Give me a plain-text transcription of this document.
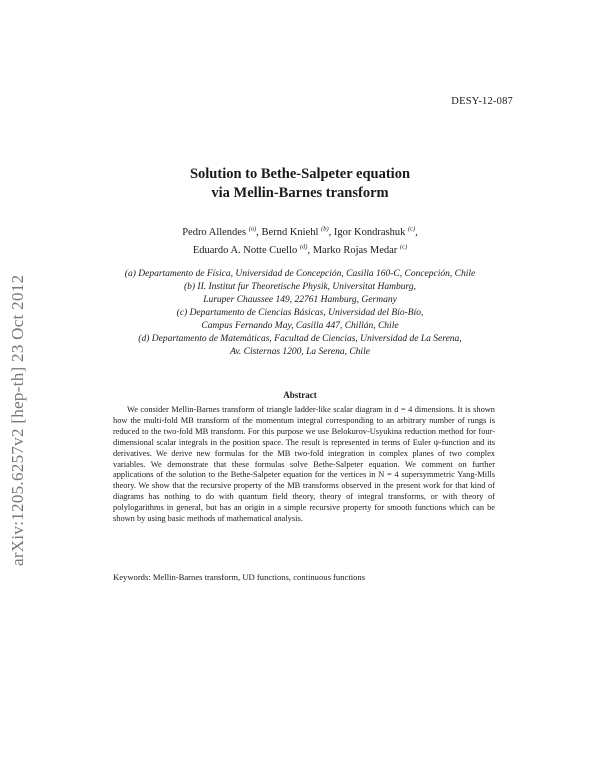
arXiv:1205.6257v2 [hep-th] 23 Oct 2012
DESY-12-087
Solution to Bethe-Salpeter equation
via Mellin-Barnes transform
Pedro Allendes $^{(a)}$, Bernd Kniehl $^{(b)}$, Igor Kondrashuk $^{(c)}$,
Eduardo A. Notte Cuello $^{(d)}$, Marko Rojas Medar $^{(c)}$
(a) Departamento de Física, Universidad de Concepción, Casilla 160-C, Concepción, Chile
(b) II. Institut fur Theoretische Physik, Universitat Hamburg,
Luruper Chaussee 149, 22761 Hamburg, Germany
(c) Departamento de Ciencias Básicas, Universidad del Bío-Bío,
Campus Fernando May, Casilla 447, Chillán, Chile
(d) Departamento de Matemáticas, Facultad de Ciencias, Universidad de La Serena,
Av. Cisternas 1200, La Serena, Chile
Abstract
We consider Mellin-Barnes transform of triangle ladder-like scalar diagram in d = 4 dimensions. It is shown how the multi-fold MB transform of the momentum integral corresponding to an arbitrary number of rungs is reduced to the two-fold MB transform. For this purpose we use Belokurov-Usyukina reduction method for four-dimensional scalar integrals in the position space. The result is represented in terms of Euler ψ-function and its derivatives. We derive new formulas for the MB two-fold integration in complex planes of two complex variables. We demonstrate that these formulas solve Bethe-Salpeter equation. We comment on further applications of the solution to the Bethe-Salpeter equation for the vertices in N = 4 supersymmetric Yang-Mills theory. We show that the recursive property of the MB transforms observed in the present work for that kind of diagrams has nothing to do with quantum field theory, theory of integral transforms, or with theory of polylogarithms in general, but has an origin in a simple recursive property for smooth functions which can be shown by using basic methods of mathematical analysis.
Keywords: Mellin-Barnes transform, UD functions, continuous functions
